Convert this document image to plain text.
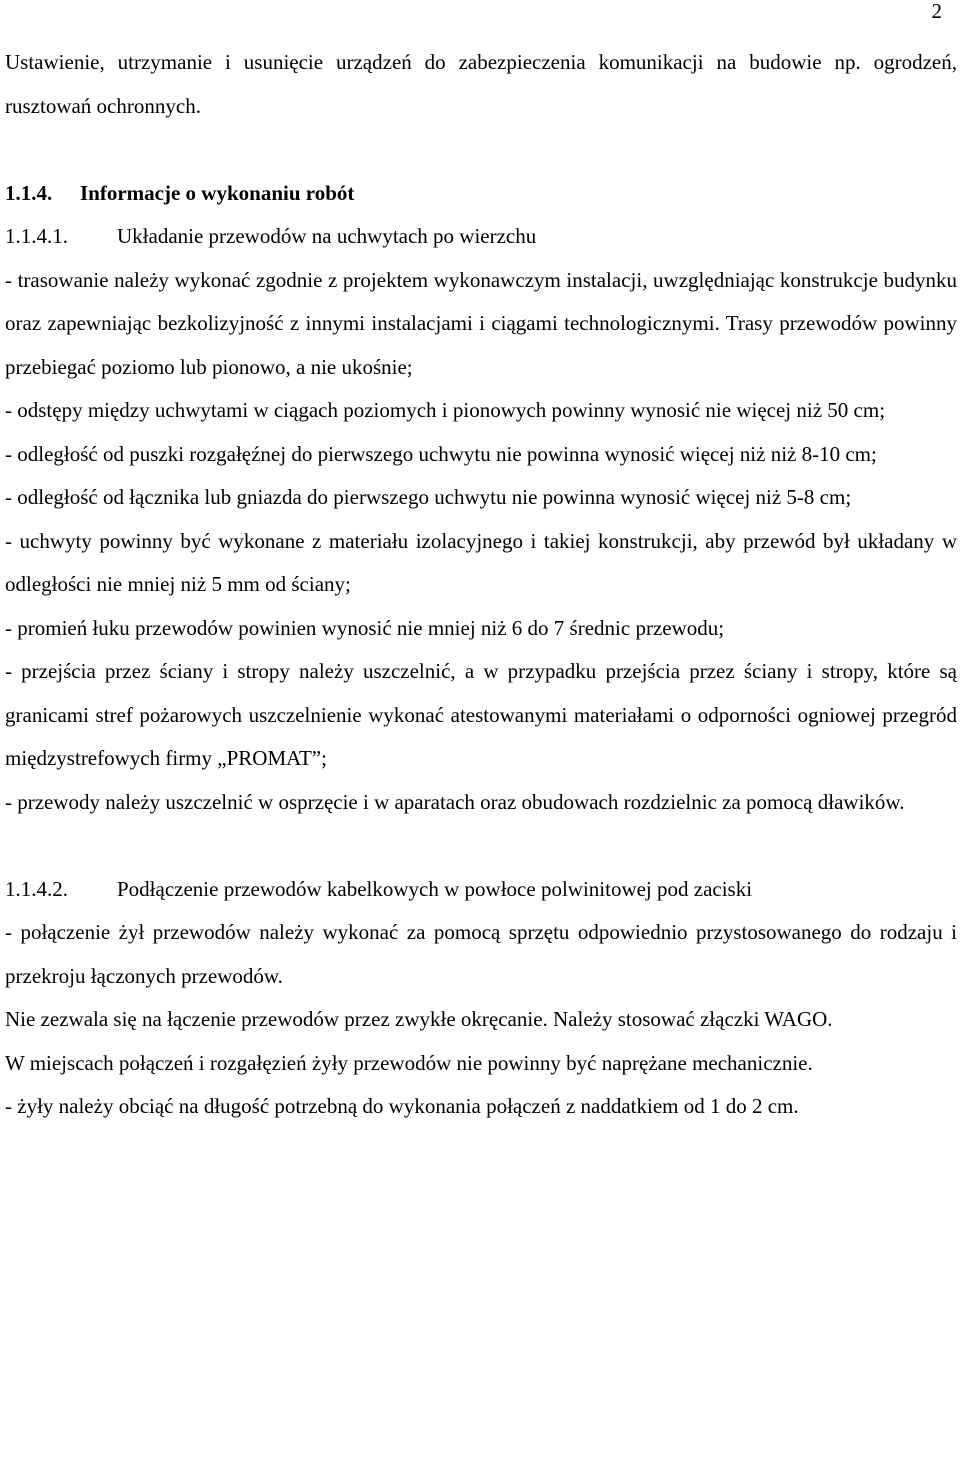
2

Ustawienie, utrzymanie i usunięcie urządzeń do zabezpieczenia komunikacji na budowie np. ogrodzeń, rusztowań ochronnych.

1.1.4. Informacje o wykonaniu robót

1.1.4.1. Układanie przewodów na uchwytach po wierzchu

- trasowanie należy wykonać zgodnie z projektem wykonawczym instalacji, uwzględniając konstrukcje budynku oraz zapewniając bezkolizyjność z innymi instalacjami i ciągami technologicznymi. Trasy przewodów powinny przebiegać poziomo lub pionowo, a nie ukośnie;

- odstępy między uchwytami w ciągach poziomych i pionowych powinny wynosić nie więcej niż 50 cm;

- odległość od puszki rozgałęźnej do pierwszego uchwytu nie powinna wynosić więcej niż niż 8-10 cm;

- odległość od łącznika lub gniazda do pierwszego uchwytu nie powinna wynosić więcej niż 5-8 cm;

- uchwyty powinny być wykonane z materiału izolacyjnego i takiej konstrukcji, aby przewód był układany w odległości nie mniej niż 5 mm od ściany;

- promień łuku przewodów powinien wynosić nie mniej niż 6 do 7 średnic przewodu;

- przejścia przez ściany i stropy należy uszczelnić, a w przypadku przejścia przez ściany i stropy, które są granicami stref pożarowych uszczelnienie wykonać atestowanymi materiałami o odporności ogniowej przegród międzystrefowych firmy „PROMAT”;

- przewody należy uszczelnić w osprzęcie i w aparatach oraz obudowach rozdzielnic za pomocą dławików.

1.1.4.2. Podłączenie przewodów kabelkowych w powłoce polwinitowej pod zaciski

- połączenie żył przewodów należy wykonać za pomocą sprzętu odpowiednio przystosowanego do rodzaju i przekroju łączonych przewodów.

Nie zezwala się na łączenie przewodów przez zwykłe okręcanie. Należy stosować złączki WAGO.

W miejscach połączeń i rozgałęzień żyły przewodów nie powinny być naprężane mechanicznie.

- żyły należy obciąć na długość potrzebną do wykonania połączeń z naddatkiem od 1 do 2 cm.
